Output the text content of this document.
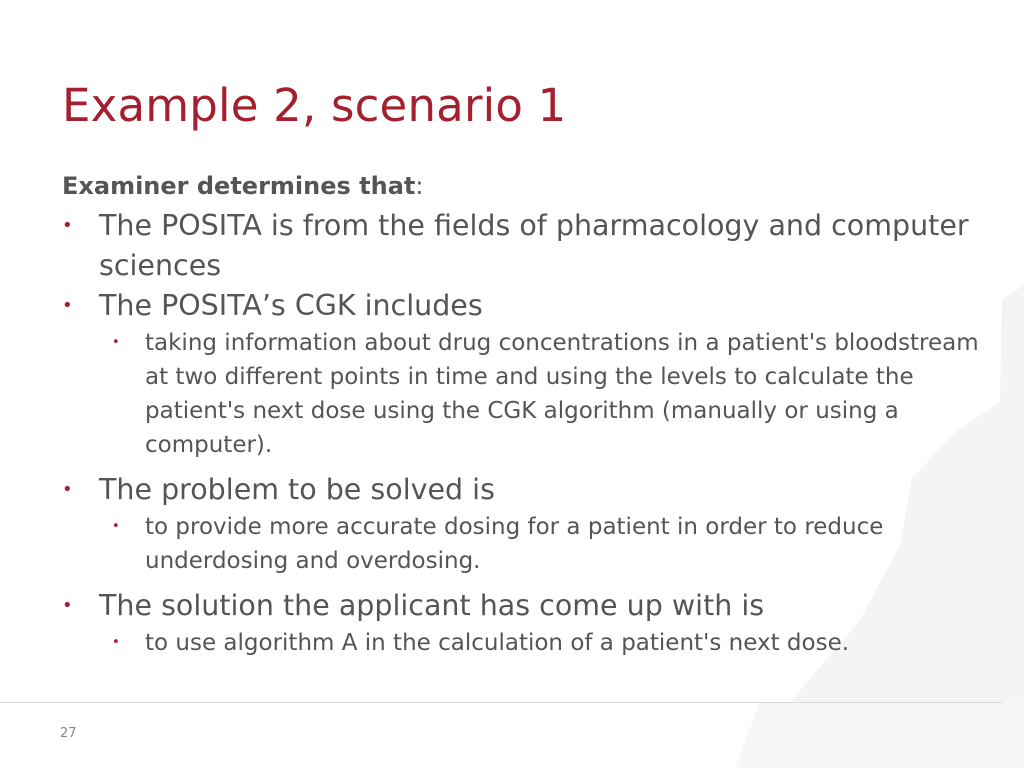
Example 2, scenario 1
Examiner determines that:
• The POSITA is from the fields of pharmacology and computer sciences
• The POSITA’s CGK includes
• taking information about drug concentrations in a patient's bloodstream at two different points in time and using the levels to calculate the patient's next dose using the CGK algorithm (manually or using a computer).
• The problem to be solved is
• to provide more accurate dosing for a patient in order to reduce underdosing and overdosing.
• The solution the applicant has come up with is
• to use algorithm A in the calculation of a patient's next dose.
27
